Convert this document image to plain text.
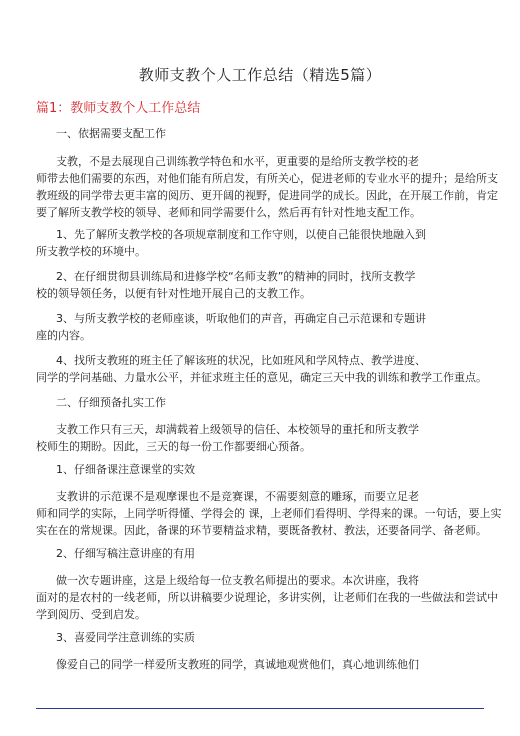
教师支教个人工作总结（精选5篇）
篇1：教师支教个人工作总结
一、依据需要支配工作
支教，不是去展现自己训练教学特色和水平，更重要的是给所支教学校的老
师带去他们需要的东西，对他们能有所启发，有所关心，促进老师的专业水平的提升；是给所支
教班级的同学带去更丰富的阅历、更开阔的视野，促进同学的成长。因此，在开展工作前，肯定
要了解所支教学校的领导、老师和同学需要什么，然后再有针对性地支配工作。
1、先了解所支教学校的各项规章制度和工作守则，以使自己能很快地融入到
所支教学校的环境中。
2、在仔细贯彻县训练局和进修学校“名师支教”的精神的同时，找所支教学
校的领导领任务，以便有针对性地开展自己的支教工作。
3、与所支教学校的老师座谈，听取他们的声音，再确定自己示范课和专题讲
座的内容。
4、找所支教班的班主任了解该班的状况，比如班风和学风特点、教学进度、
同学的学问基础、力量水公平，并征求班主任的意见，确定三天中我的训练和教学工作重点。
二、仔细预备扎实工作
支教工作只有三天，却满载着上级领导的信任、本校领导的重托和所支教学
校师生的期盼。因此，三天的每一份工作都要细心预备。
1、仔细备课注意课堂的实效
支教讲的示范课不是观摩课也不是竞赛课，不需要刻意的雕琢，而要立足老
师和同学的实际，上同学听得懂、学得会的 课，上老师们看得明、学得来的课。一句话，要上实
实在在的常规课。因此，备课的环节要精益求精，要既备教材、教法，还要备同学、备老师。
2、仔细写稿注意讲座的有用
做一次专题讲座，这是上级给每一位支教名师提出的要求。本次讲座，我将
面对的是农村的一线老师，所以讲稿要少说理论，多讲实例，让老师们在我的一些做法和尝试中
学到阅历、受到启发。
3、喜爱同学注意训练的实质
像爱自己的同学一样爱所支教班的同学，真诚地观赏他们，真心地训练他们
